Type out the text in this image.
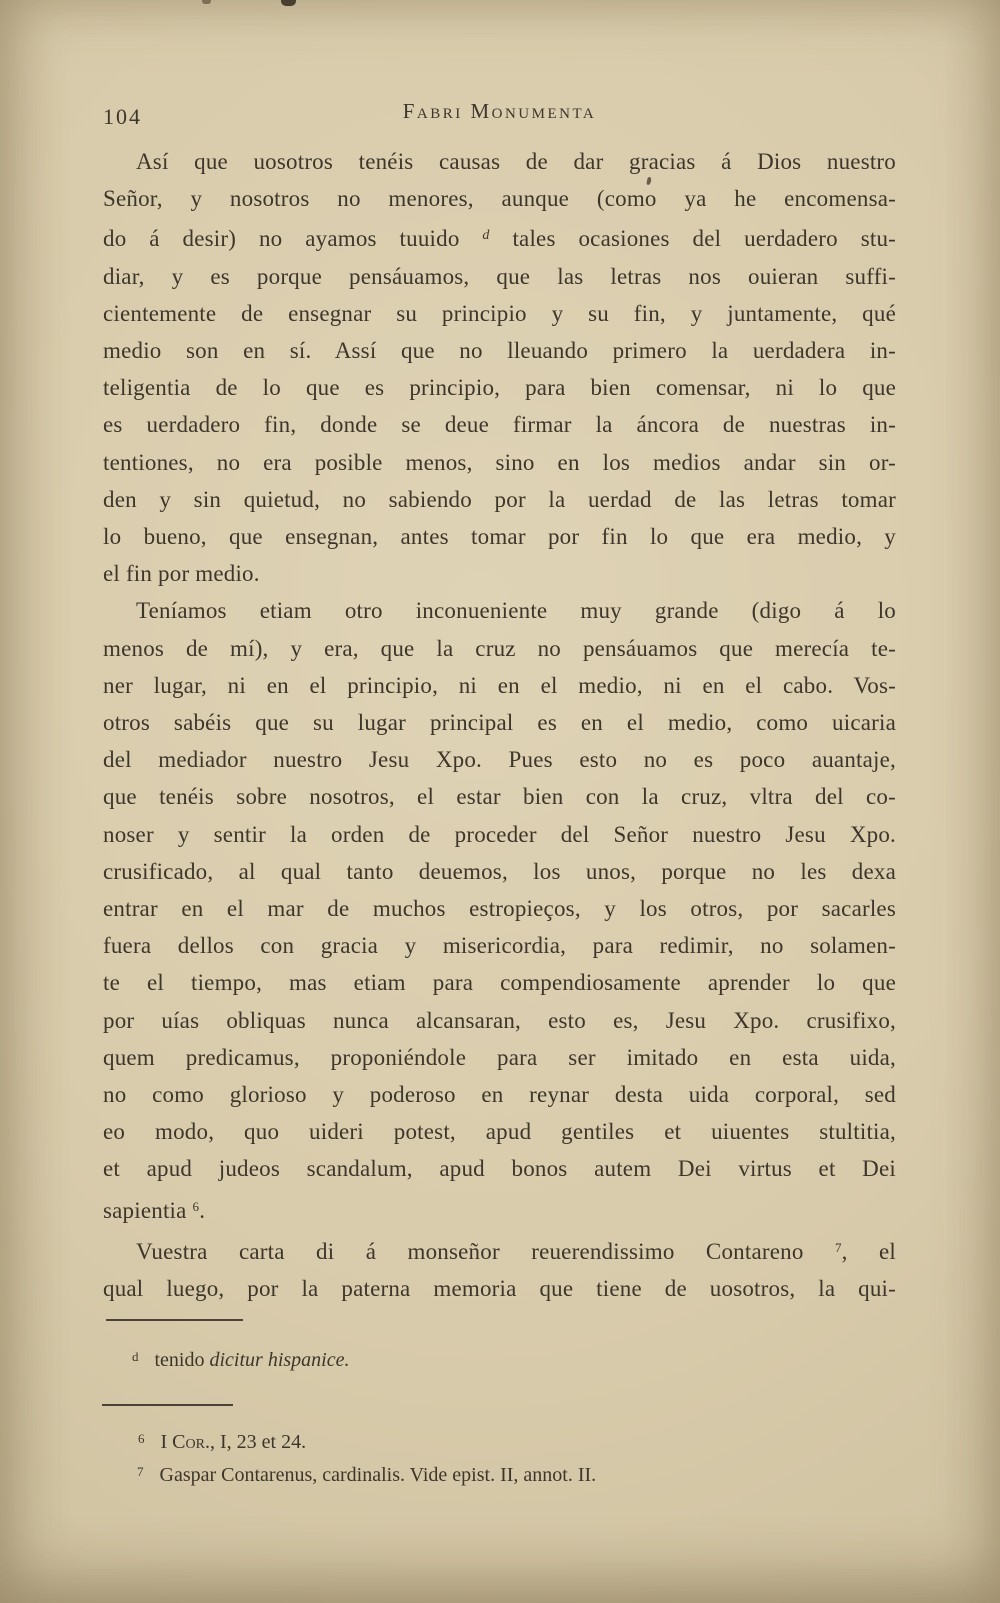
104	Fabri Monumenta
Así que uosotros tenéis causas de dar gracias á Dios nuestro
Señor, y nosotros no menores, aunque (como ya he encomensa-
do á desir) no ayamos tuuido $^d$ tales ocasiones del uerdadero stu-
diar, y es porque pensáuamos, que las letras nos ouieran suffi-
cientemente de ensegnar su principio y su fin, y juntamente, qué
medio son en sí. Assí que no lleuando primero la uerdadera in-
teligentia de lo que es principio, para bien comensar, ni lo que
es uerdadero fin, donde se deue firmar la áncora de nuestras in-
tentiones, no era posible menos, sino en los medios andar sin or-
den y sin quietud, no sabiendo por la uerdad de las letras tomar
lo bueno, que ensegnan, antes tomar por fin lo que era medio, y
el fin por medio.
Teníamos etiam otro inconueniente muy grande (digo á lo
menos de mí), y era, que la cruz no pensáuamos que merecía te-
ner lugar, ni en el principio, ni en el medio, ni en el cabo. Vos-
otros sabéis que su lugar principal es en el medio, como uicaria
del mediador nuestro Jesu Xpo. Pues esto no es poco auantaje,
que tenéis sobre nosotros, el estar bien con la cruz, vltra del co-
noser y sentir la orden de proceder del Señor nuestro Jesu Xpo.
crusificado, al qual tanto deuemos, los unos, porque no les dexa
entrar en el mar de muchos estropieços, y los otros, por sacarles
fuera dellos con gracia y misericordia, para redimir, no solamen-
te el tiempo, mas etiam para compendiosamente aprender lo que
por uías obliquas nunca alcansaran, esto es, Jesu Xpo. crusifixo,
quem predicamus, proponiéndole para ser imitado en esta uida,
no como glorioso y poderoso en reynar desta uida corporal, sed
eo modo, quo uideri potest, apud gentiles et uiuentes stultitia,
et apud judeos scandalum, apud bonos autem Dei virtus et Dei
sapientia $^6$.
Vuestra carta di á monseñor reuerendissimo Contareno $^7$, el
qual luego, por la paterna memoria que tiene de uosotros, la qui-
$^d$ tenido dicitur hispanice.
$^6$ I Cor., I, 23 et 24.
$^7$ Gaspar Contarenus, cardinalis. Vide epist. II, annot. II.
